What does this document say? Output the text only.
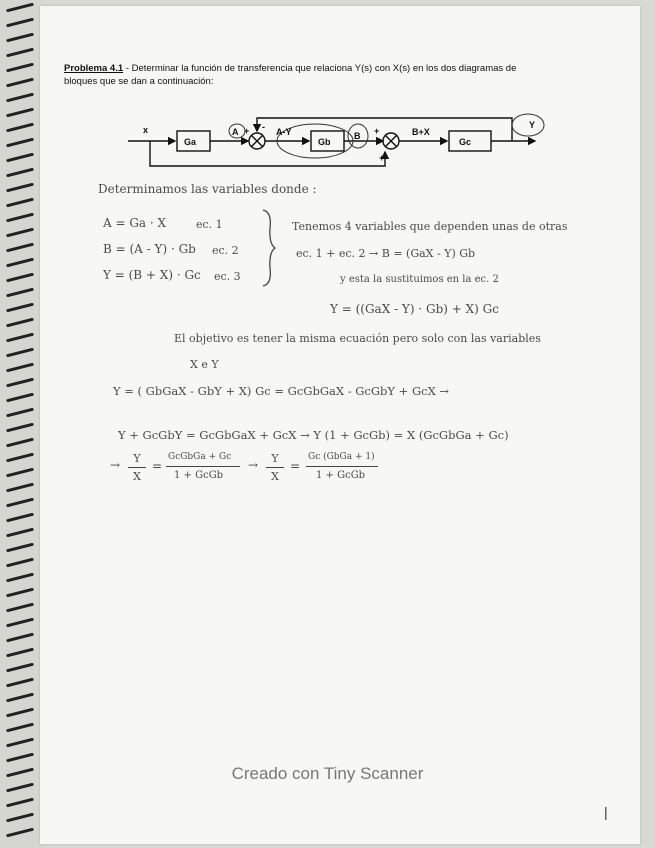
Problema 4.1 - Determinar la función de transferencia que relaciona Y(s) con X(s) en los dos diagramas de bloques que se dan a continuación:
x
Ga	Gb	Gc
A	A-Y	B	B+X
Y
+ -	+
+
Determinamos las variables donde :
A = Ga · X	ec. 1
B = (A - Y) · Gb ec. 2
Y = (B + X) · Gc ec. 3
Tenemos 4 variables que dependen unas de otras
ec. 1 + ec. 2 → B = (GaX - Y) Gb
y esta la sustituimos en la ec. 2
Y = ((GaX - Y) · Gb) + X) Gc
El objetivo es tener la misma ecuación pero solo con las variables
X e Y
Y = ( GbGaX - GbY + X) Gc = GcGbGaX - GcGbY + GcX →
Y + GcGbY = GcGbGaX + GcX → Y (1 + GcGb) = X (GcGbGa + Gc)
→	Y
X
=
GcGbGa + Gc
1 + GcGb
→	Y
X
=
Gc (GbGa + 1)
1 + GcGb
Creado con Tiny Scanner
|
